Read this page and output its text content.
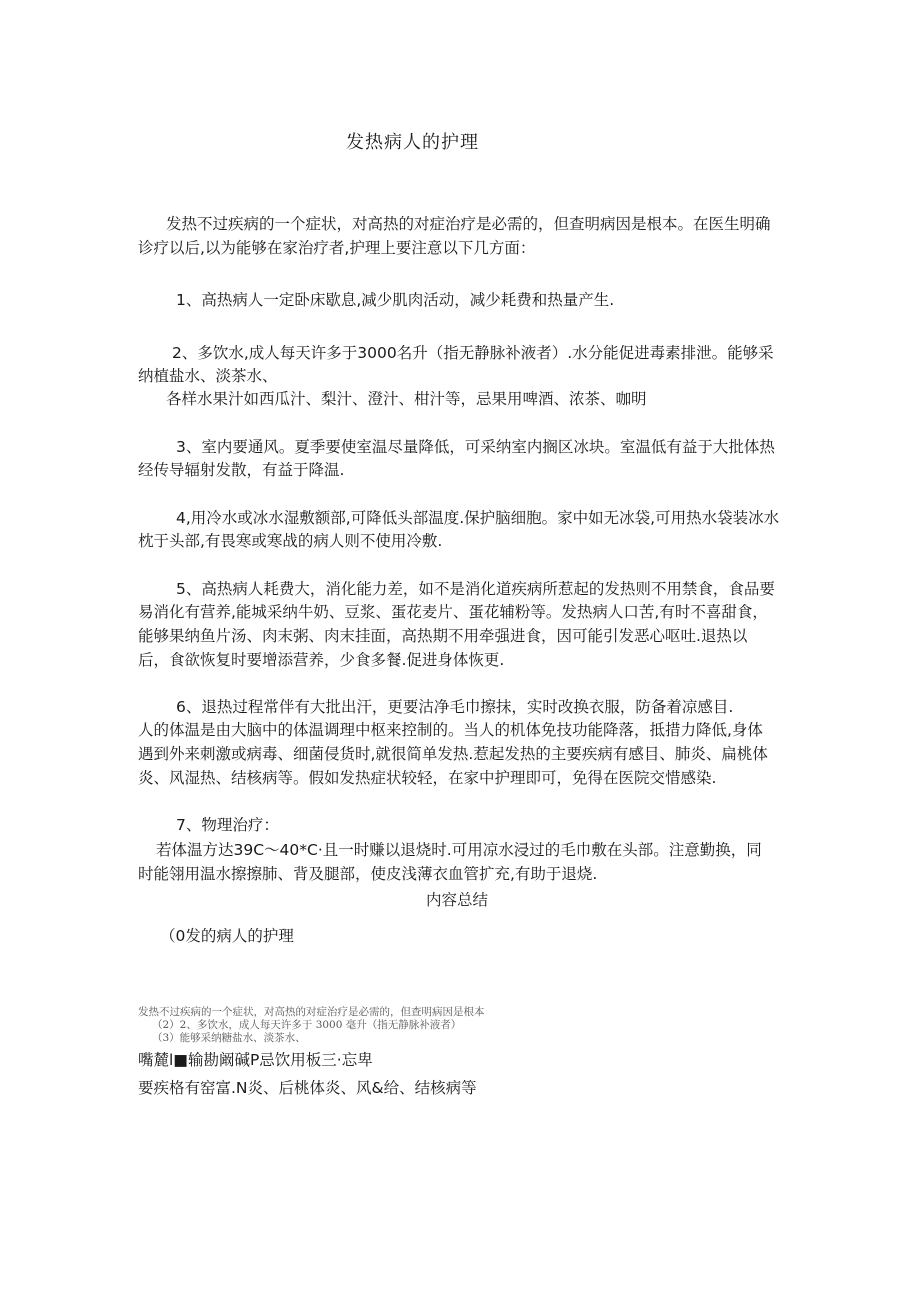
发热病人的护理
发热不过疾病的一个症状，对高热的对症治疗是必需的，但查明病因是根本。在医生明确
诊疗以后,以为能够在家治疗者,护理上要注意以下几方面：
1、高热病人一定卧床歇息,减少肌肉活动，减少耗费和热量产生.
2、多饮水,成人每天许多于3000名升（指无静脉补液者）.水分能促进毒素排泄。能够采
纳植盐水、淡茶水、
各样水果汁如西瓜汁、梨汁、澄汁、柑汁等，忌果用啤酒、浓茶、咖明
3、室内要通风。夏季要使室温尽量降低，可采纳室内搁区冰块。室温低有益于大批体热
经传导辐射发散，有益于降温.
4,用冷水或冰水湿敷额部,可降低头部温度.保护脑细胞。家中如无冰袋,可用热水袋装冰水
枕于头部,有畏寒或寒战的病人则不使用冷敷.
5、高热病人耗费大，消化能力差，如不是消化道疾病所惹起的发热则不用禁食，食品要
易消化有营养,能城采纳牛奶、豆浆、蛋花麦片、蛋花辅粉等。发热病人口苦,有时不喜甜食，
能够果纳鱼片汤、肉末粥、肉末挂面，高热期不用牵强进食，因可能引发恶心呕吐.退热以
后，食欲恢复时要增添营养，少食多餐.促进身体恢更.
6、退热过程常伴有大批出汗，更要沽净毛巾擦抹，实时改换衣服，防备着凉感目.
人的体温是由大脑中的体温调理中枢来控制的。当人的机体免技功能降落，抵措力降低,身体
遇到外来刺激或病毒、细菌侵货时,就很简单发热.惹起发热的主要疾病有感目、肺炎、扁桃体
炎、风湿热、结核病等。假如发热症状较轻，在家中护理即可，免得在医院交惜感染.
7、物理治疗：
若体温方达39C～40*C·且一时赚以退烧时.可用凉水浸过的毛巾敷在头部。注意勤换，同
时能翎用温水擦擦肺、背及腿部，使皮浅薄衣血管扩充,有助于退烧.
内容总结
（0发的病人的护理
发热不过疾病的一个症状，对高热的对症治疗是必需的，但查明病因是根本
（2）2、多饮水，成人每天许多于 3000 毫升（指无静脉补液者）
（3）能够采纳糖盐水、淡茶水、
嘴麓l■输勘阚碱P忌饮用板三·忘卑
要疾格有窑富.N炎、后桃体炎、风&给、结核病等
